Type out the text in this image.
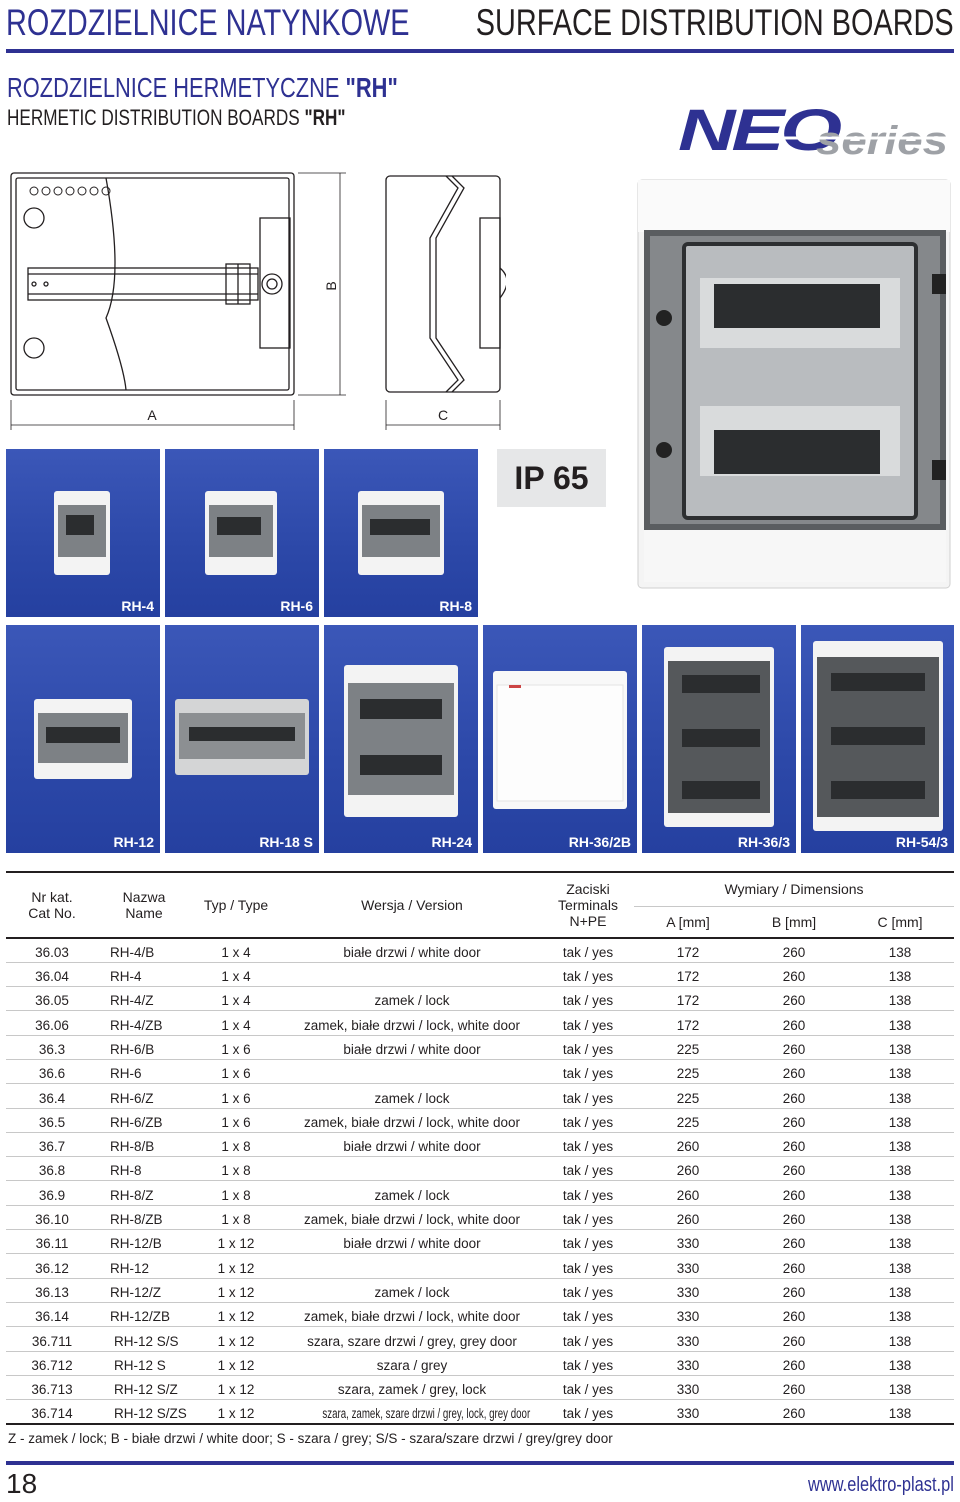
ROZDZIELNICE NATYNKOWE SURFACE DISTRIBUTION BOARDS
ROZDZIELNICE HERMETYCZNE "RH"
HERMETIC DISTRIBUTION BOARDS "RH"	NEO
series
A
B
C
IP 65
RH-4	RH-6	RH-8
RH-12	RH-18 S	RH-24	RH-36/2B	RH-36/3	RH-54/3
Nr kat.
Cat No.	Nazwa
Name	Typ / Type	Wersja / Version	Zaciski
Terminals
N+PE	Wymiary / Dimensions		
					A [mm]	B [mm]	C [mm]
36.03	RH-4/B	1 x 4	białe drzwi / white door	tak / yes	172	260	138
36.04	RH-4	1 x 4		tak / yes	172	260	138
36.05	RH-4/Z	1 x 4	zamek / lock	tak / yes	172	260	138
36.06	RH-4/ZB	1 x 4	zamek, białe drzwi / lock, white door	tak / yes	172	260	138
36.3	RH-6/B	1 x 6	białe drzwi / white door	tak / yes	225	260	138
36.6	RH-6	1 x 6		tak / yes	225	260	138
36.4	RH-6/Z	1 x 6	zamek / lock	tak / yes	225	260	138
36.5	RH-6/ZB	1 x 6	zamek, białe drzwi / lock, white door	tak / yes	225	260	138
36.7	RH-8/B	1 x 8	białe drzwi / white door	tak / yes	260	260	138
36.8	RH-8	1 x 8		tak / yes	260	260	138
36.9	RH-8/Z	1 x 8	zamek / lock	tak / yes	260	260	138
36.10	RH-8/ZB	1 x 8	zamek, białe drzwi / lock, white door	tak / yes	260	260	138
36.11	RH-12/B	1 x 12	białe drzwi / white door	tak / yes	330	260	138
36.12	RH-12	1 x 12		tak / yes	330	260	138
36.13	RH-12/Z	1 x 12	zamek / lock	tak / yes	330	260	138
36.14	RH-12/ZB	1 x 12	zamek, białe drzwi / lock, white door	tak / yes	330	260	138
36.711	RH-12 S/S	1 x 12	szara, szare drzwi / grey, grey door	tak / yes	330	260	138
36.712	RH-12 S	1 x 12	szara / grey	tak / yes	330	260	138
36.713	RH-12 S/Z	1 x 12	szara, zamek / grey, lock	tak / yes	330	260	138
36.714	RH-12 S/ZS	1 x 12	szara, zamek, szare drzwi / grey, lock, grey door	tak / yes	330	260	138
Z - zamek / lock; B - białe drzwi / white door; S - szara / grey; S/S - szara/szare drzwi / grey/grey door
18	www.elektro-plast.pl
